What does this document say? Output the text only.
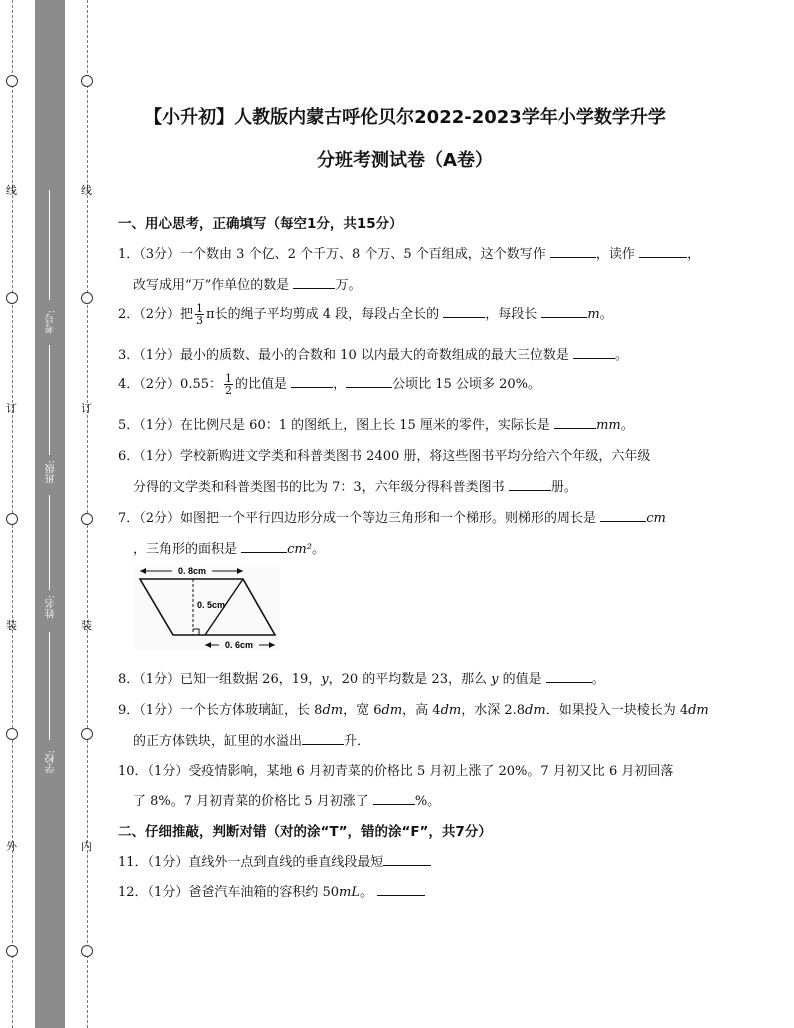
线
订
装
外
考号:
班级:
姓名:
学校:
线
订
装
内
【小升初】人教版内蒙古呼伦贝尔2022-2023学年小学数学升学
分班考测试卷（A卷）
一、用心思考，正确填写（每空1分，共15分）
1．（3分）一个数由 3 个亿、2 个千万、8 个万、5 个百组成，这个数写作	，读作	，
改写成用“万”作单位的数是	万。
2．（2分）把 $\frac{1}{3}$ π长的绳子平均剪成 4 段，每段占全长的	，每段长	m。
3．（1分）最小的质数、最小的合数和 10 以内最大的奇数组成的最大三位数是	。
4．（2分）0.55： $\frac{1}{2}$ 的比值是	，	公顷比 15 公顷多 20%。
5．（1分）在比例尺是 60：1 的图纸上，图上长 15 厘米的零件，实际长是	mm。
6．（1分）学校新购进文学类和科普类图书 2400 册，将这些图书平均分给六个年级，六年级
分得的文学类和科普类图书的比为 7：3，六年级分得科普类图书	册。
7．（2分）如图把一个平行四边形分成一个等边三角形和一个梯形。则梯形的周长是	cm
，三角形的面积是	cm²。
0. 8cm
0. 5cm
0. 6cm
8．（1分）已知一组数据 26，19，y，20 的平均数是 23，那么 y 的值是	。
9．（1分）一个长方体玻璃缸，长 8dm，宽 6dm，高 4dm，水深 2.8dm．如果投入一块棱长为 4dm
的正方体铁块，缸里的水溢出	升．
10．（1分）受疫情影响，某地 6 月初青菜的价格比 5 月初上涨了 20%。7 月初又比 6 月初回落
了 8%。7 月初青菜的价格比 5 月初涨了	%。
二、仔细推敲，判断对错（对的涂“T”，错的涂“F”，共7分）
11．（1分）直线外一点到直线的垂直线段最短
12．（1分）爸爸汽车油箱的容积约 50mL。
